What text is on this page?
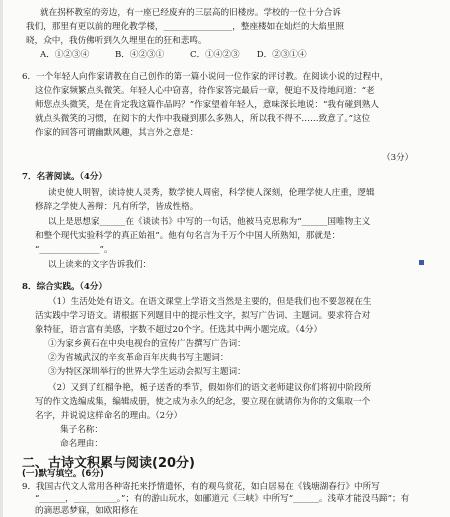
就在拐杯教室的旁边，有一座已经废弃的三层高的旧楼房。学校的一位十分合诉
我们，那里有更以前的理化教学楼，________________，整座楼如在灿烂的大焰里照
晓，众中，我仿佛听到久久埋里在的狂和悲鸣。
A．①②③④　　　B．④②③①　　　C．①④②③　　D．②③①④
6．一个年轻人向作家请教在自己创作的第一篇小说问一位作家的评讨教。在阅读小说的过程中，
这位作家频繁点头微笑。年轻人心中窃喜，待作家答完最后一章，便迫不及待地问道：“老
师您点头微笑，是在肯定我这篇作品吗？”作家望着年轻人，意味深长地说：“我有碰到熟人
就点头微笑的习惯，在阅卞的大作中我碰到那么多熟人，所以我不得不……致意了。”这位
作家的回答可谓幽默风趣，其言外之意是：
（3分）
7．名著阅读。（4分）
读史使人明智，读诗使人灵秀，数学使人周密，科学使人深刻，伦理学使人庄重，逻辑
修辞之学使人善辩：凡有所学，皆成性格。
以上是思想家______在《谈读书》中写的一句话，他被马克思称为“______国唯物主义
和整个现代实验科学的真正始祖”。他有句名言为千万个中国人所熟知，那就是：
“______________”。
以上读来的文字告诉我们：
8．综合实践。（4分）
（1）生活处处有语文。在语文课堂上学语文当然是主要的，但是我们也不要忽视在生
活实践中学习语文。请根据下列题目中的提示性文字，拟写广告词、主题词。要求符合对
象特征，语言富有美感，字数不超过20个字。任选其中两小题完成。（4分）
①为家乡黄石在中央电视台的宣传广告撰写广告词：
②为省城武汉的辛亥革命百年庆典书写主题词：
③为特区深圳举行的世界大学生运动会拟写主题词：
（2）又到了红榴争艳，栀子送香的季节，假如你们的语文老师建议你们将初中阶段所
写的作文选编成集，编辑成册，使之成为永久的纪念，要立现在就请你为你的文集取一个
名字，并说说这样命名的理由。（2分）
集子名称：
命名理由：
二、古诗文积累与阅读(20分)
(一)默写填空。(6分)
9．我国古代文人常用各种寄托来抒情遣怀，有的观鸟赏花，如白居易在《钱塘湖春行》中所写
“______，__________。”；有的游山玩水，如郦道元《三峡》中所写“______。浅草才能没马蹄”；有
的滴思恶梦寐，如欧阳修在
